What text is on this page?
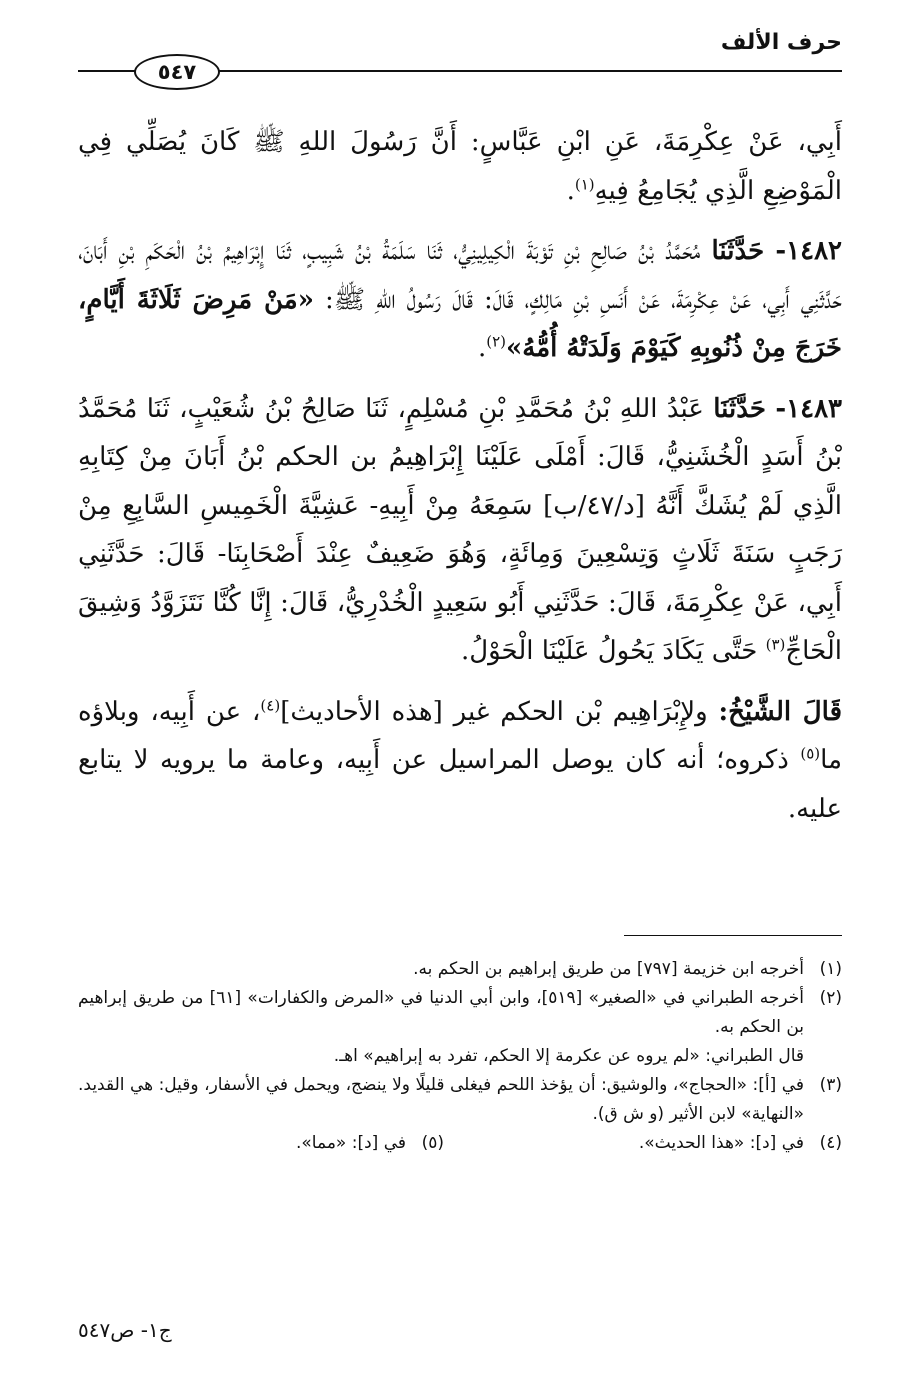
حرف الألف
٥٤٧

أَبِي، عَنْ عِكْرِمَةَ، عَنِ ابْنِ عَبَّاسٍ: أَنَّ رَسُولَ اللهِ ﷺ كَانَ يُصَلِّي فِي الْمَوْضِعِ الَّذِي يُجَامِعُ فِيهِ$^{(١)}$.

١٤٨٢- حَدَّثَنَا مُحَمَّدُ بْنُ صَالِحِ بْنِ تَوْبَةَ الْكِيلِينِيُّ، ثَنَا سَلَمَةُ بْنُ شَبِيبٍ، ثَنَا إِبْرَاهِيمُ بْنُ الْحَكَمِ بْنِ أَبَانَ، حَدَّثَنِي أَبِي، عَنْ عِكْرِمَةَ، عَنْ أَنَسِ بْنِ مَالِكٍ، قَالَ: قَالَ رَسُولُ اللهِ ﷺ: «مَنْ مَرِضَ ثَلَاثَةَ أَيَّامٍ، خَرَجَ مِنْ ذُنُوبِهِ كَيَوْمَ وَلَدَتْهُ أُمُّهُ»$^{(٢)}$.

١٤٨٣- حَدَّثَنَا عَبْدُ اللهِ بْنُ مُحَمَّدِ بْنِ مُسْلِمٍ، ثَنَا صَالِحُ بْنُ شُعَيْبٍ، ثَنَا مُحَمَّدُ بْنُ أَسَدٍ الْخُشَنِيُّ، قَالَ: أَمْلَى عَلَيْنَا إِبْرَاهِيمُ بن الحكم بْنُ أَبَانَ مِنْ كِتَابِهِ الَّذِي لَمْ يُشَكَّ أَنَّهُ [د/٤٧/ب] سَمِعَهُ مِنْ أَبِيهِ- عَشِيَّةَ الْخَمِيسِ السَّابِعِ مِنْ رَجَبٍ سَنَةَ ثَلَاثٍ وَتِسْعِينَ وَمِائَةٍ، وَهُوَ ضَعِيفٌ عِنْدَ أَصْحَابِنَا- قَالَ: حَدَّثَنِي أَبِي، عَنْ عِكْرِمَةَ، قَالَ: حَدَّثَنِي أَبُو سَعِيدٍ الْخُدْرِيُّ، قَالَ: إِنَّا كُنَّا نَتَزَوَّدُ وَشِيقَ الْحَاجِّ$^{(٣)}$ حَتَّى يَكَادَ يَحُولُ عَلَيْنَا الْحَوْلُ.

قَالَ الشَّيْخُ: ولإِبْرَاهِيم بْن الحكم غير [هذه الأحاديث]$^{(٤)}$، عن أَبِيه، وبلاؤه ما$^{(٥)}$ ذكروه؛ أنه كان يوصل المراسيل عن أَبِيه، وعامة ما يرويه لا يتابع عليه.

(١)أخرجه ابن خزيمة [٧٩٧] من طريق إبراهيم بن الحكم به.

(٢)أخرجه الطبراني في «الصغير» [٥١٩]، وابن أبي الدنيا في «المرض والكفارات» [٦١] من طريق إبراهيم بن الحكم به.

قال الطبراني: «لم يروه عن عكرمة إلا الحكم، تفرد به إبراهيم» اهـ.

(٣)في [أ]: «الحجاج»، والوشيق: أن يؤخذ اللحم فيغلى قليلًا ولا ينضج، ويحمل في الأسفار، وقيل: هي القديد. «النهاية» لابن الأثير (و ش ق).

(٤)في [د]: «هذا الحديث».

(٥)في [د]: «مما».

ج١- ص٥٤٧
